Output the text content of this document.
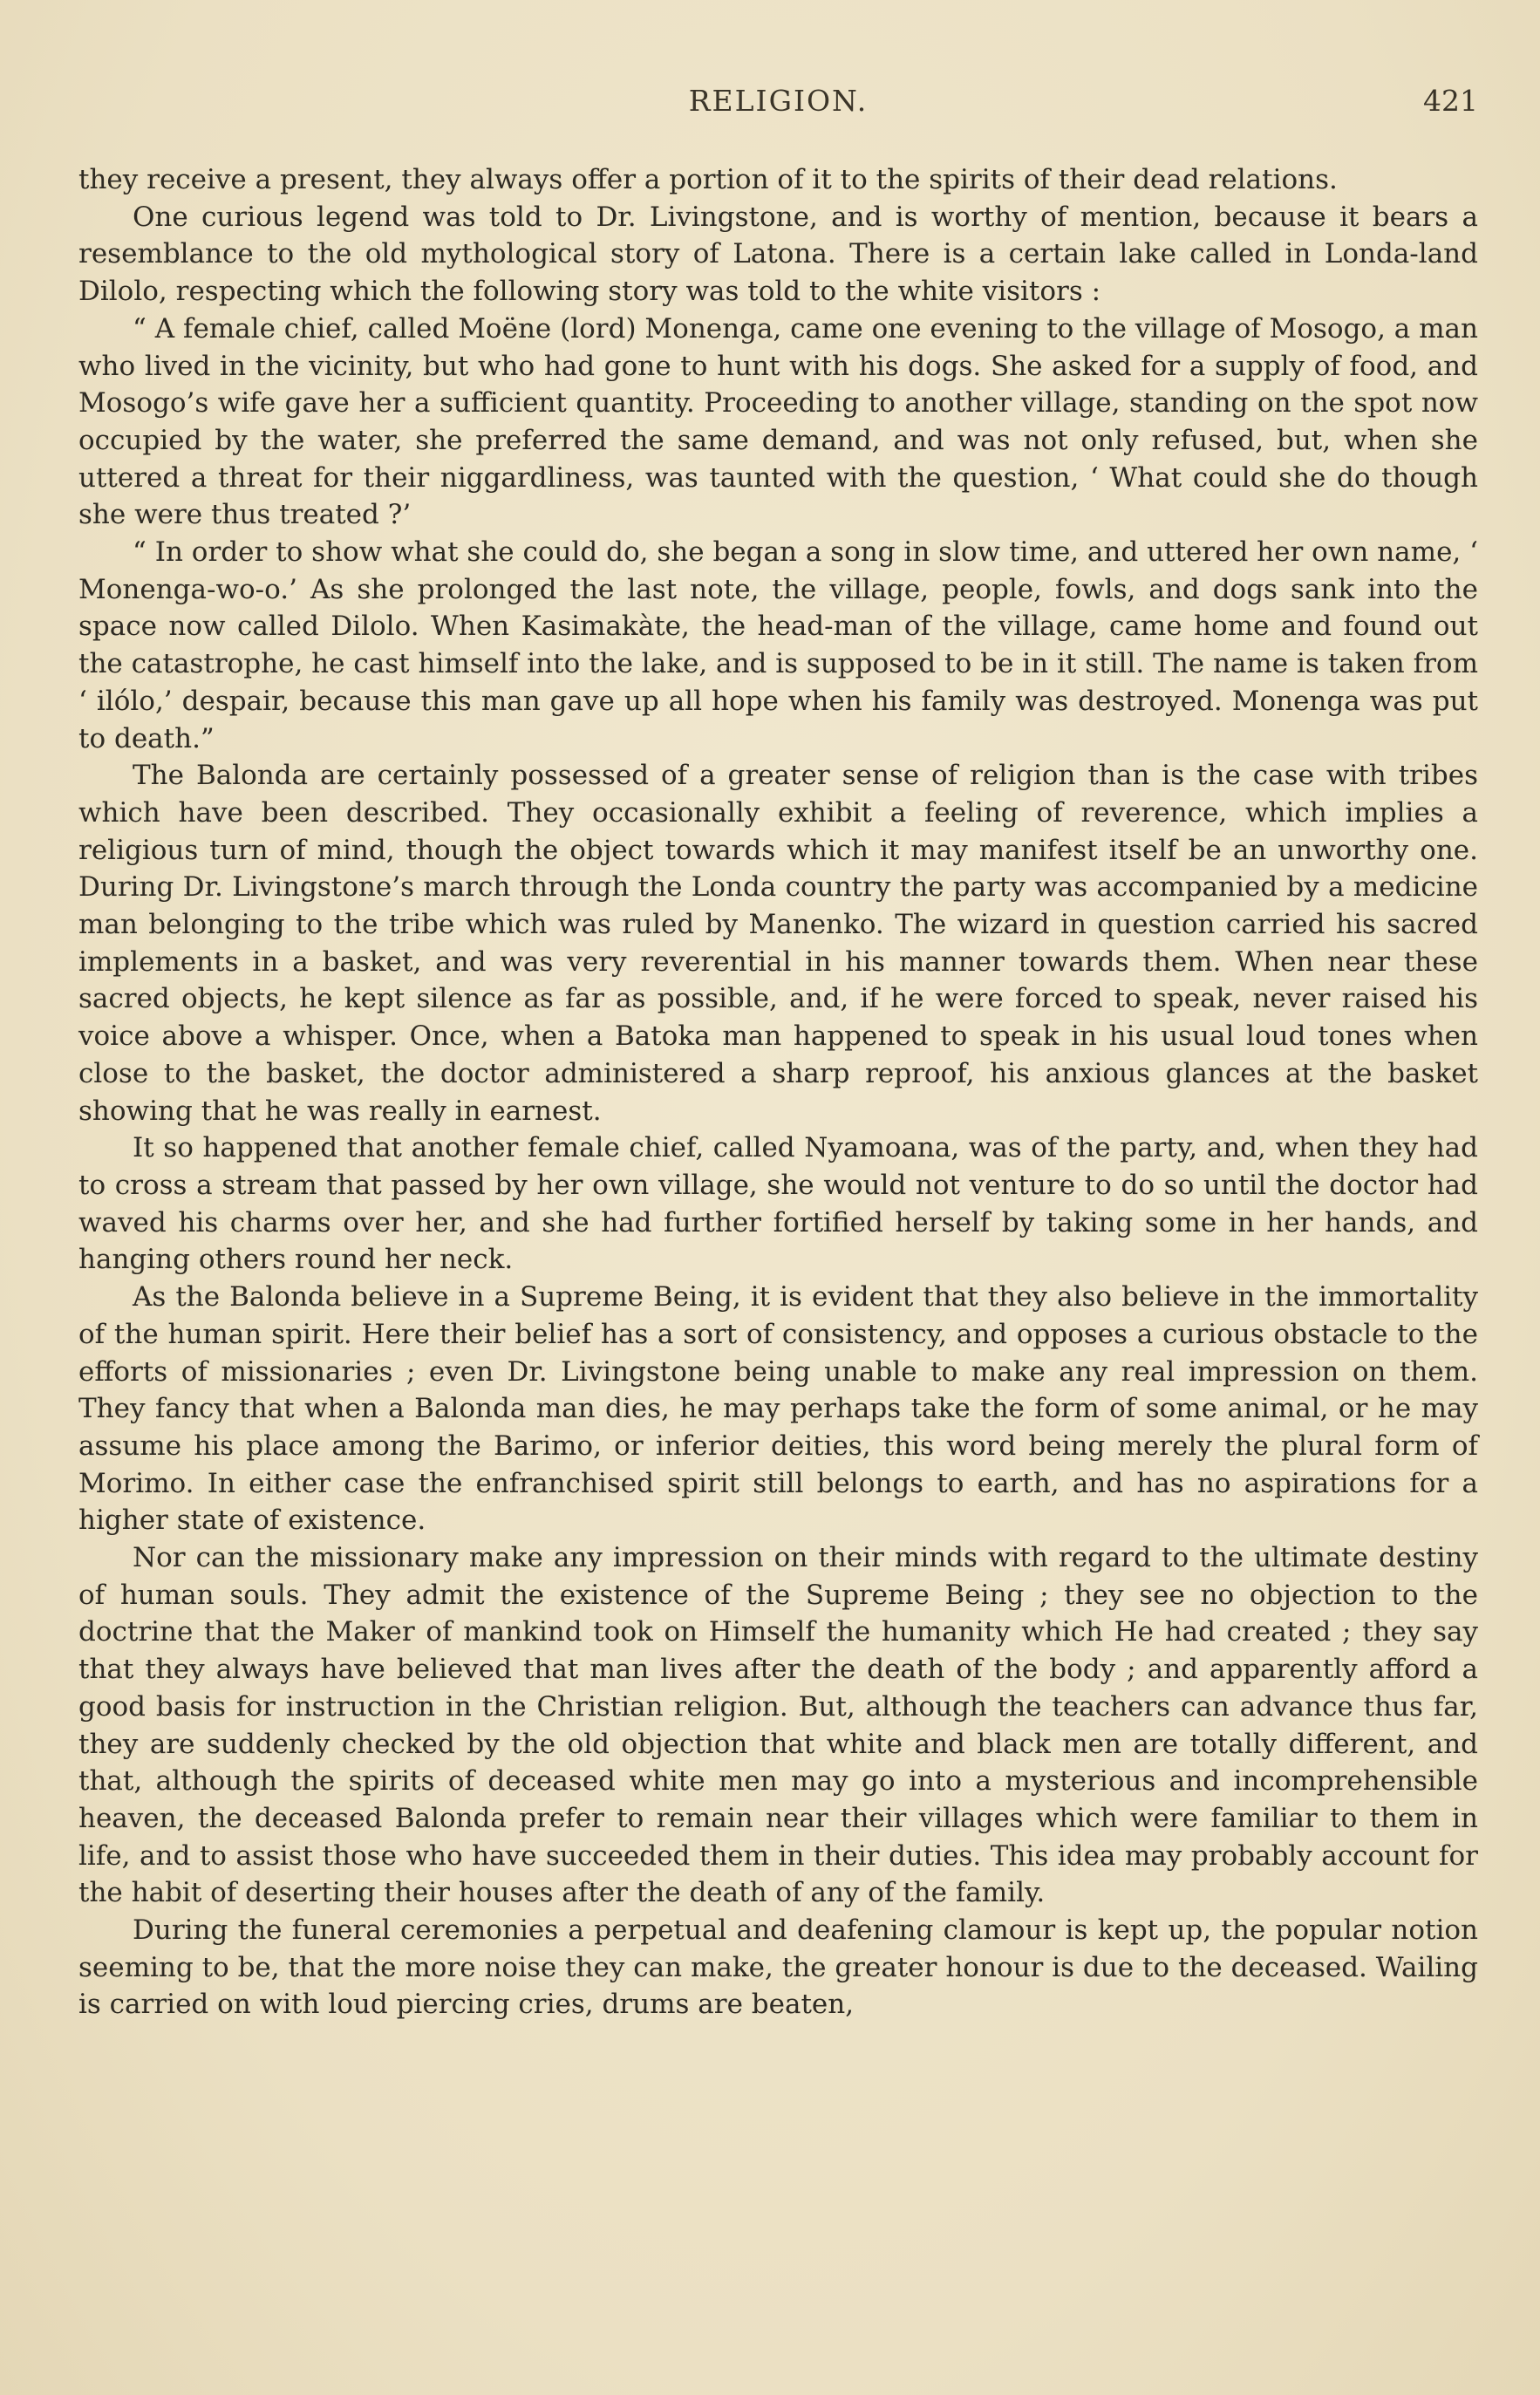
RELIGION.	421

they receive a present, they always offer a portion of it to the spirits of their dead relations.

One curious legend was told to Dr. Livingstone, and is worthy of mention, because it bears a resemblance to the old mythological story of Latona. There is a certain lake called in Londa-land Dilolo, respecting which the following story was told to the white visitors :

“ A female chief, called Moëne (lord) Monenga, came one evening to the village of Mosogo, a man who lived in the vicinity, but who had gone to hunt with his dogs. She asked for a supply of food, and Mosogo’s wife gave her a sufficient quantity. Proceeding to another village, standing on the spot now occupied by the water, she preferred the same demand, and was not only refused, but, when she uttered a threat for their niggardliness, was taunted with the question, ‘ What could she do though she were thus treated ?’

“ In order to show what she could do, she began a song in slow time, and uttered her own name, ‘ Monenga-wo-o.’ As she prolonged the last note, the village, people, fowls, and dogs sank into the space now called Dilolo. When Kasimakàte, the head-man of the village, came home and found out the catastrophe, he cast himself into the lake, and is supposed to be in it still. The name is taken from ‘ ilólo,’ despair, because this man gave up all hope when his family was destroyed. Monenga was put to death.”

The Balonda are certainly possessed of a greater sense of religion than is the case with tribes which have been described. They occasionally exhibit a feeling of reverence, which implies a religious turn of mind, though the object towards which it may manifest itself be an unworthy one. During Dr. Livingstone’s march through the Londa country the party was accompanied by a medicine man belonging to the tribe which was ruled by Manenko. The wizard in question carried his sacred implements in a basket, and was very reverential in his manner towards them. When near these sacred objects, he kept silence as far as possible, and, if he were forced to speak, never raised his voice above a whisper. Once, when a Batoka man happened to speak in his usual loud tones when close to the basket, the doctor administered a sharp reproof, his anxious glances at the basket showing that he was really in earnest.

It so happened that another female chief, called Nyamoana, was of the party, and, when they had to cross a stream that passed by her own village, she would not venture to do so until the doctor had waved his charms over her, and she had further fortified herself by taking some in her hands, and hanging others round her neck.

As the Balonda believe in a Supreme Being, it is evident that they also believe in the immortality of the human spirit. Here their belief has a sort of consistency, and opposes a curious obstacle to the efforts of missionaries ; even Dr. Livingstone being unable to make any real impression on them. They fancy that when a Balonda man dies, he may perhaps take the form of some animal, or he may assume his place among the Barimo, or inferior deities, this word being merely the plural form of Morimo. In either case the enfranchised spirit still belongs to earth, and has no aspirations for a higher state of existence.

Nor can the missionary make any impression on their minds with regard to the ultimate destiny of human souls. They admit the existence of the Supreme Being ; they see no objection to the doctrine that the Maker of mankind took on Himself the humanity which He had created ; they say that they always have believed that man lives after the death of the body ; and apparently afford a good basis for instruction in the Christian religion. But, although the teachers can advance thus far, they are suddenly checked by the old objection that white and black men are totally different, and that, although the spirits of deceased white men may go into a mysterious and incomprehensible heaven, the deceased Balonda prefer to remain near their villages which were familiar to them in life, and to assist those who have succeeded them in their duties. This idea may probably account for the habit of deserting their houses after the death of any of the family.

During the funeral ceremonies a perpetual and deafening clamour is kept up, the popular notion seeming to be, that the more noise they can make, the greater honour is due to the deceased. Wailing is carried on with loud piercing cries, drums are beaten,
